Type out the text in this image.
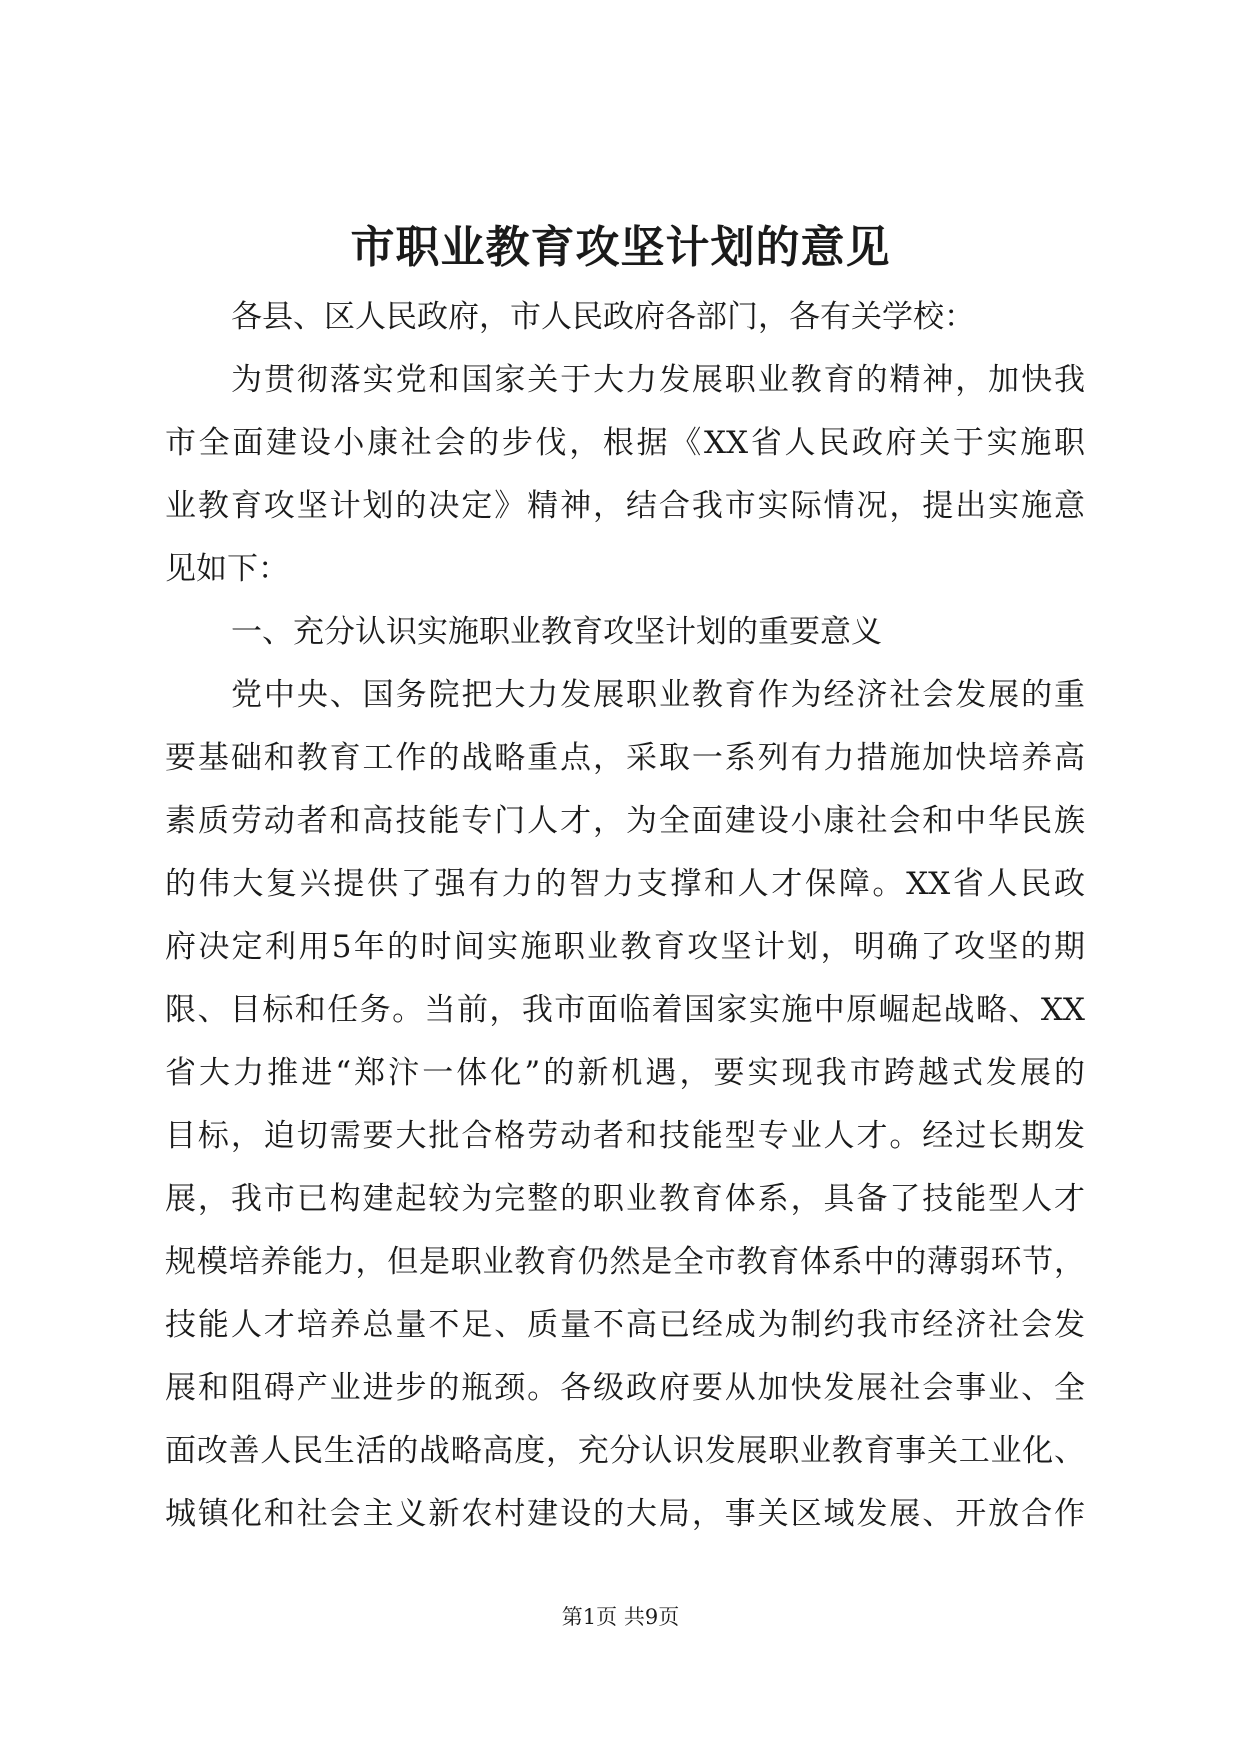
市职业教育攻坚计划的意见
各县、区人民政府，市人民政府各部门，各有关学校：
为贯彻落实党和国家关于大力发展职业教育的精神，加快我
市全面建设小康社会的步伐，根据《XX省人民政府关于实施职
业教育攻坚计划的决定》精神，结合我市实际情况，提出实施意
见如下：
一、充分认识实施职业教育攻坚计划的重要意义
党中央、国务院把大力发展职业教育作为经济社会发展的重
要基础和教育工作的战略重点，采取一系列有力措施加快培养高
素质劳动者和高技能专门人才，为全面建设小康社会和中华民族
的伟大复兴提供了强有力的智力支撑和人才保障。XX省人民政
府决定利用5年的时间实施职业教育攻坚计划，明确了攻坚的期
限、目标和任务。当前，我市面临着国家实施中原崛起战略、XX
省大力推进“郑汴一体化”的新机遇，要实现我市跨越式发展的
目标，迫切需要大批合格劳动者和技能型专业人才。经过长期发
展，我市已构建起较为完整的职业教育体系，具备了技能型人才
规模培养能力，但是职业教育仍然是全市教育体系中的薄弱环节，
技能人才培养总量不足、质量不高已经成为制约我市经济社会发
展和阻碍产业进步的瓶颈。各级政府要从加快发展社会事业、全
面改善人民生活的战略高度，充分认识发展职业教育事关工业化、
城镇化和社会主义新农村建设的大局，事关区域发展、开放合作
第1页 共9页
